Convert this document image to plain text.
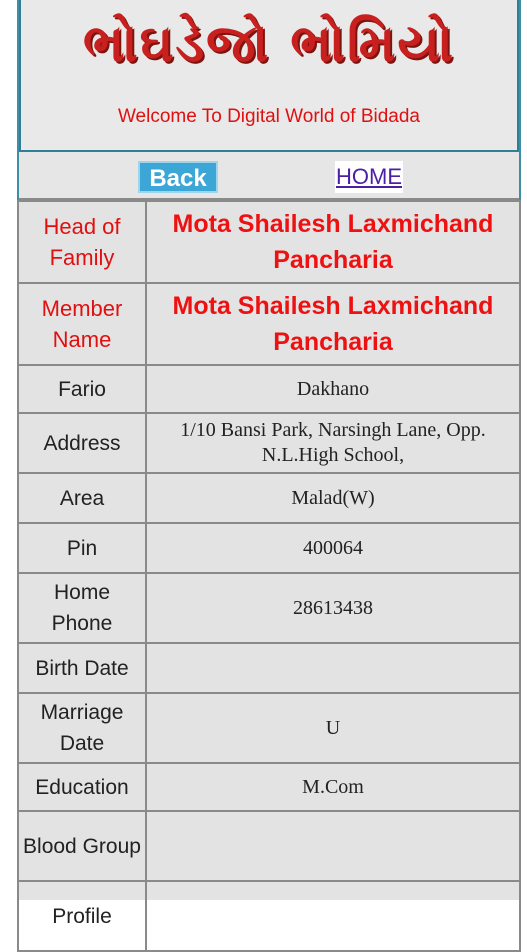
ભોઘડેજો ભોમિયો
Welcome To Digital World of Bidada
Back	HOME
Head of Family	Mota Shailesh Laxmichand Pancharia
Member Name	Mota Shailesh Laxmichand Pancharia
Fario	Dakhano
Address	1/10 Bansi Park, Narsingh Lane, Opp. N.L.High School,
Area	Malad(W)
Pin	400064
Home Phone	28613438
Birth Date	
Marriage Date	U
Education	M.Com
Blood Group	
Profile	
